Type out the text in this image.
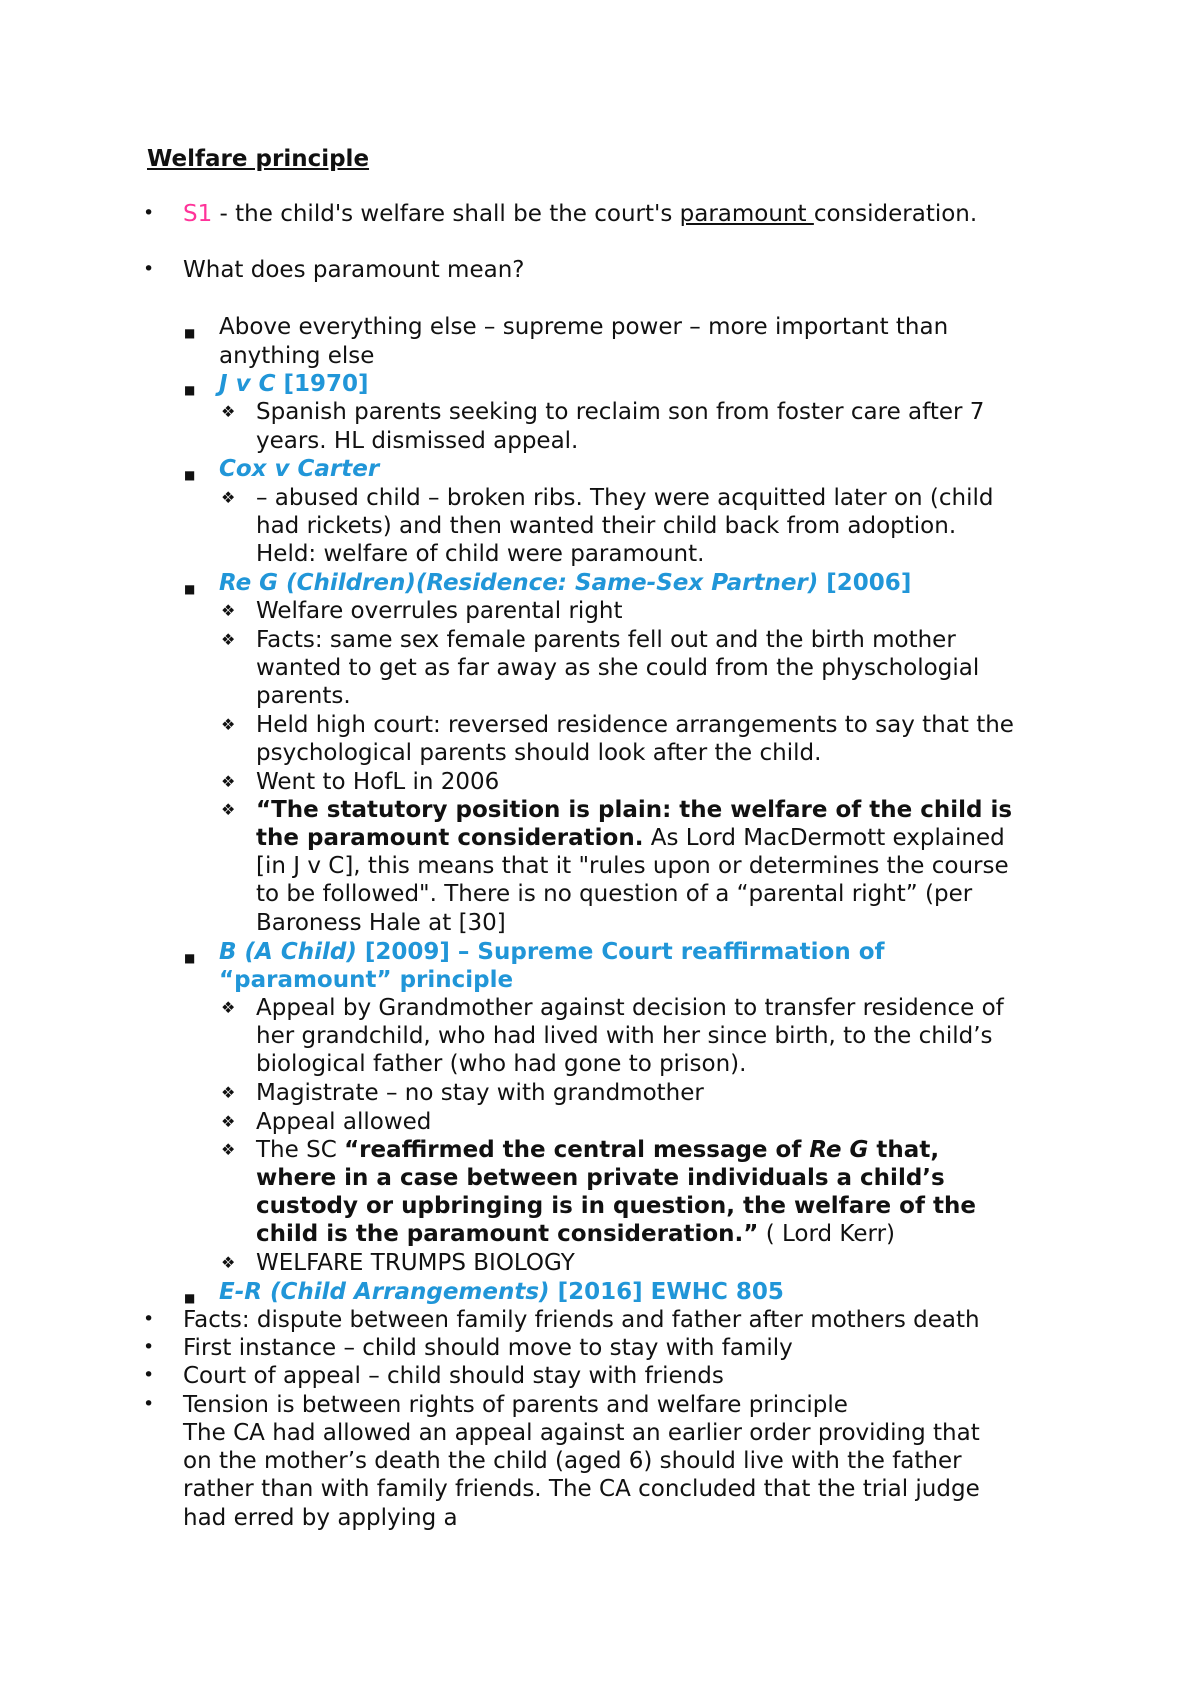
Welfare principle
• S1 - the child's welfare shall be the court's paramount consideration.
• What does paramount mean?
■ Above everything else – supreme power – more important than
anything else
■ J v C [1970]
❖ Spanish parents seeking to reclaim son from foster care after 7
years. HL dismissed appeal.
■ Cox v Carter
❖ – abused child – broken ribs. They were acquitted later on (child
had rickets) and then wanted their child back from adoption.
Held: welfare of child were paramount.
■ Re G (Children)(Residence: Same-Sex Partner) [2006]
❖ Welfare overrules parental right
❖ Facts: same sex female parents fell out and the birth mother
wanted to get as far away as she could from the physchologial
parents.
❖ Held high court: reversed residence arrangements to say that the
psychological parents should look after the child.
❖ Went to HofL in 2006
❖ “The statutory position is plain: the welfare of the child is
the paramount consideration. As Lord MacDermott explained
[in J v C], this means that it "rules upon or determines the course
to be followed". There is no question of a “parental right” (per
Baroness Hale at [30]
■ B (A Child) [2009] – Supreme Court reaffirmation of
“paramount” principle
❖ Appeal by Grandmother against decision to transfer residence of
her grandchild, who had lived with her since birth, to the child’s
biological father (who had gone to prison).
❖ Magistrate – no stay with grandmother
❖ Appeal allowed
❖ The SC “reaffirmed the central message of Re G that,
where in a case between private individuals a child’s
custody or upbringing is in question, the welfare of the
child is the paramount consideration.” ( Lord Kerr)
❖ WELFARE TRUMPS BIOLOGY
■ E-R (Child Arrangements) [2016] EWHC 805
• Facts: dispute between family friends and father after mothers death
• First instance – child should move to stay with family
• Court of appeal – child should stay with friends
• Tension is between rights of parents and welfare principle
The CA had allowed an appeal against an earlier order providing that
on the mother’s death the child (aged 6) should live with the father
rather than with family friends. The CA concluded that the trial judge
had erred by applying a
